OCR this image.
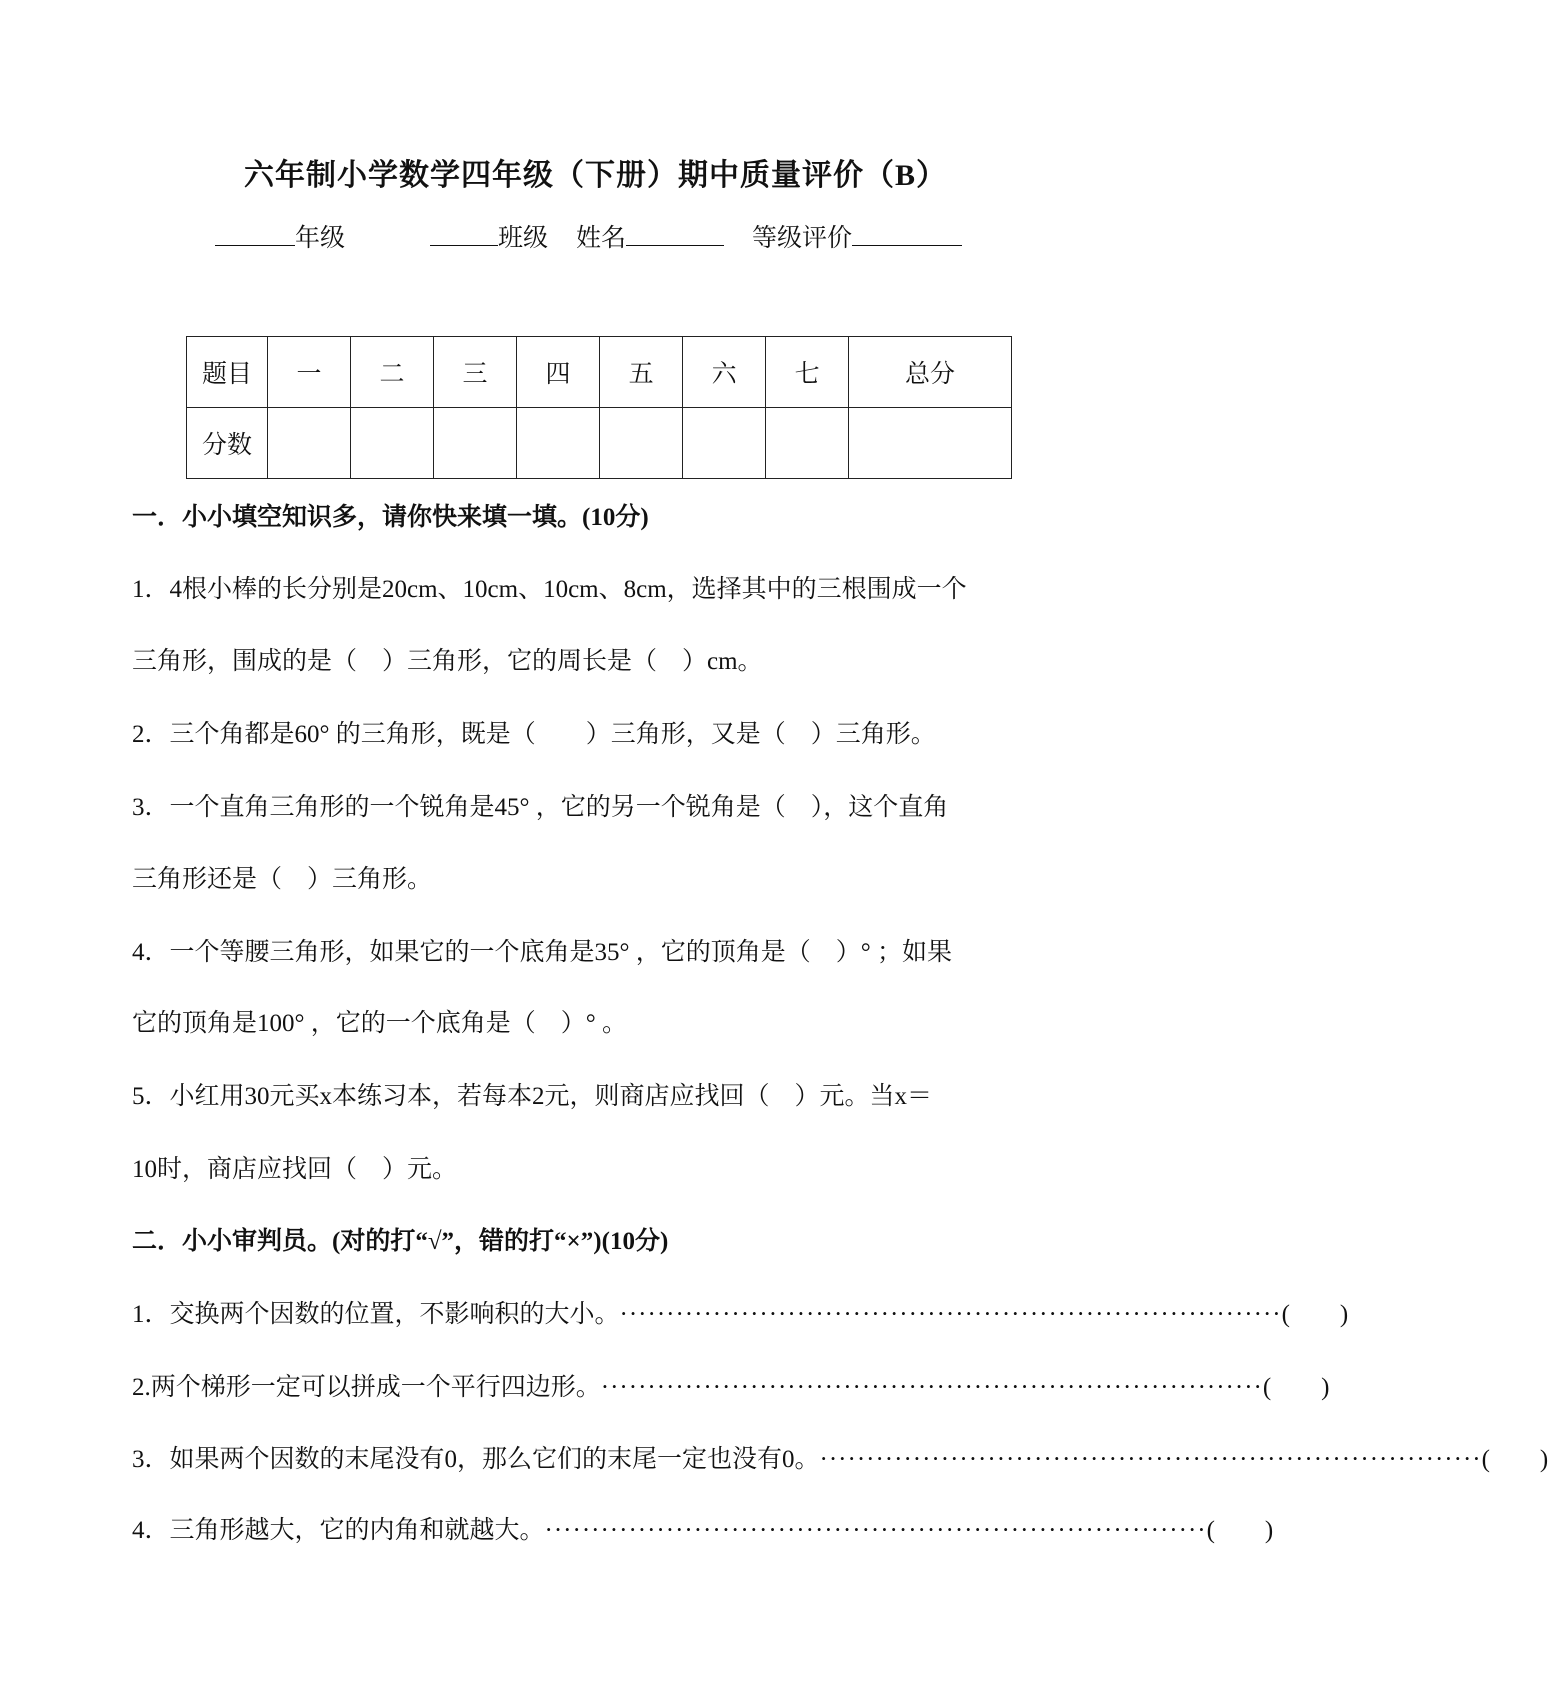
六年制小学数学四年级（下册）期中质量评价（B）
年级	班级 姓名	等级评价
题目	一	二	三	四	五	六	七	总分
分数								
一．小小填空知识多，请你快来填一填。(10分)
1．4根小棒的长分别是20cm、10cm、10cm、8cm，选择其中的三根围成一个
三角形，围成的是（　）三角形，它的周长是（　）cm。
2．三个角都是60° 的三角形，既是（　　）三角形，又是（　）三角形。
3．一个直角三角形的一个锐角是45° ，它的另一个锐角是（　），这个直角
三角形还是（　）三角形。
4．一个等腰三角形，如果它的一个底角是35° ，它的顶角是（　）° ；如果
它的顶角是100° ，它的一个底角是（　）° 。
5．小红用30元买x本练习本，若每本2元，则商店应找回（　）元。当x＝
10时，商店应找回（　）元。
二．小小审判员。(对的打“√”，错的打“×”)(10分)
1．交换两个因数的位置，不影响积的大小。 ······································································· (　　)
2.两个梯形一定可以拼成一个平行四边形。 ······································································· (　　)
3．如果两个因数的末尾没有0，那么它们的末尾一定也没有0。 ······································································· (　　)
4．三角形越大，它的内角和就越大。 ······································································· (　　)
